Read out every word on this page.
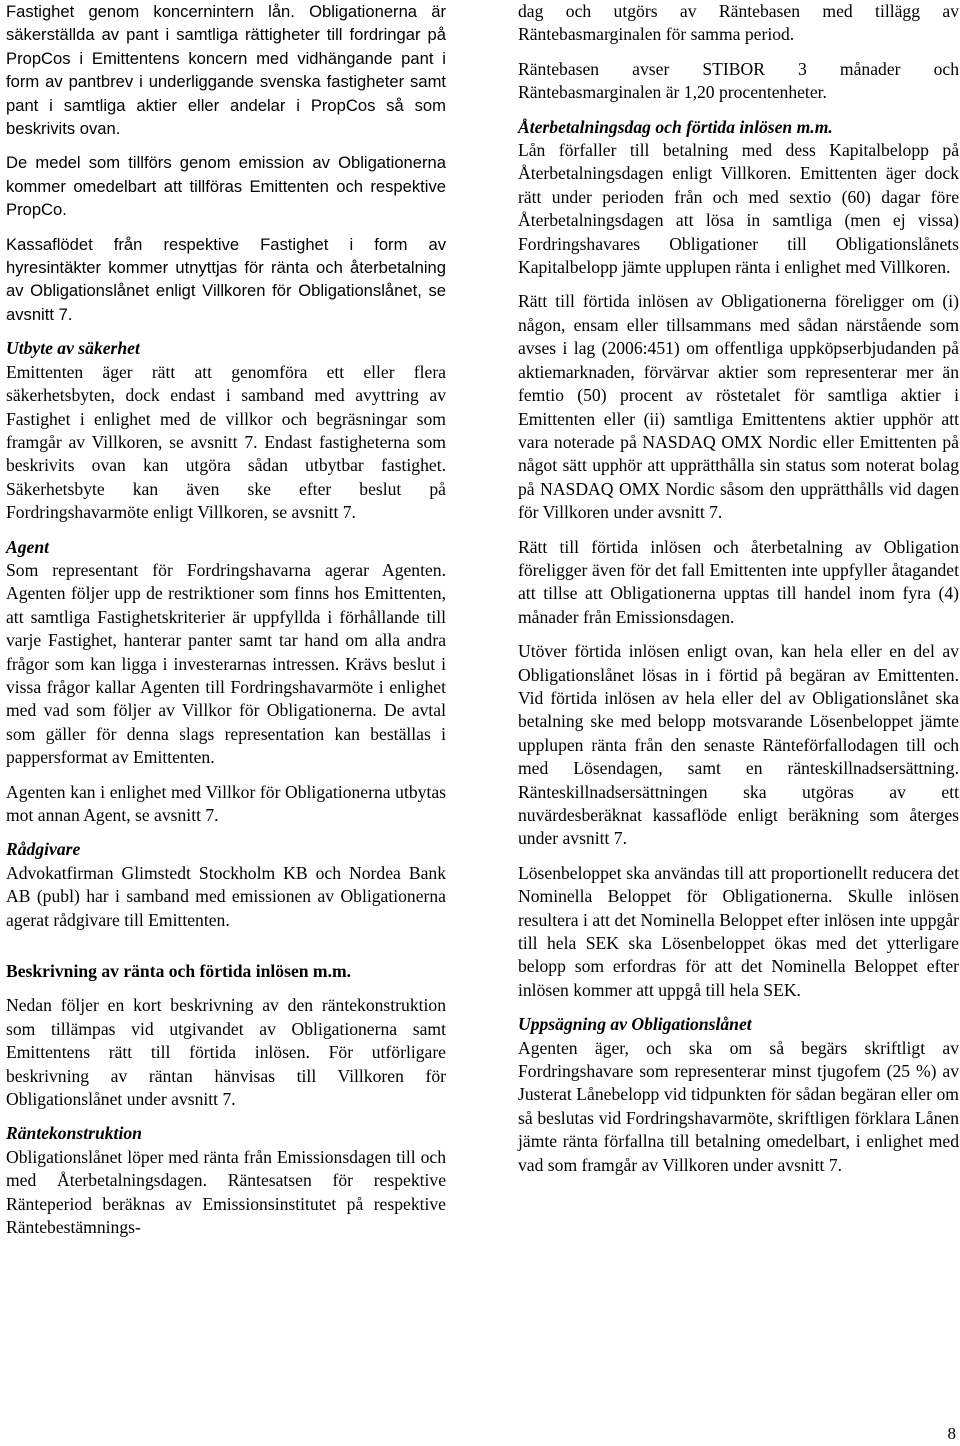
Fastighet genom koncernintern lån. Obligationerna är säkerställda av pant i samtliga rättigheter till fordringar på PropCos i Emittentens koncern med vidhängande pant i form av pantbrev i underliggande svenska fastigheter samt pant i samtliga aktier eller andelar i PropCos så som beskrivits ovan.

De medel som tillförs genom emission av Obligationerna kommer omedelbart att tillföras Emittenten och respektive PropCo.

Kassaflödet från respektive Fastighet i form av hyresintäkter kommer utnyttjas för ränta och återbetalning av Obligationslånet enligt Villkoren för Obligationslånet, se avsnitt 7.

Utbyte av säkerhet

Emittenten äger rätt att genomföra ett eller flera säkerhetsbyten, dock endast i samband med avyttring av Fastighet i enlighet med de villkor och begräsningar som framgår av Villkoren, se avsnitt 7. Endast fastigheterna som beskrivits ovan kan utgöra sådan utbytbar fastighet. Säkerhetsbyte kan även ske efter beslut på Fordringshavarmöte enligt Villkoren, se avsnitt 7.

Agent

Som representant för Fordringshavarna agerar Agenten. Agenten följer upp de restriktioner som finns hos Emittenten, att samtliga Fastighetskriterier är uppfyllda i förhållande till varje Fastighet, hanterar panter samt tar hand om alla andra frågor som kan ligga i investerarnas intressen. Krävs beslut i vissa frågor kallar Agenten till Fordringshavarmöte i enlighet med vad som följer av Villkor för Obligationerna. De avtal som gäller för denna slags representation kan beställas i pappersformat av Emittenten.

Agenten kan i enlighet med Villkor för Obligationerna utbytas mot annan Agent, se avsnitt 7.

Rådgivare

Advokatfirman Glimstedt Stockholm KB och Nordea Bank AB (publ) har i samband med emissionen av Obligationerna agerat rådgivare till Emittenten.

Beskrivning av ränta och förtida inlösen m.m.

Nedan följer en kort beskrivning av den räntekonstruktion som tillämpas vid utgivandet av Obligationerna samt Emittentens rätt till förtida inlösen. För utförligare beskrivning av räntan hänvisas till Villkoren för Obligationslånet under avsnitt 7.

Räntekonstruktion

Obligationslånet löper med ränta från Emissionsdagen till och med Återbetalningsdagen. Räntesatsen för respektive Ränteperiod beräknas av Emissionsinstitutet på respektive Räntebestämnings-

dag och utgörs av Räntebasen med tillägg av Räntebasmarginalen för samma period.

Räntebasen avser STIBOR 3 månader och Räntebasmarginalen är 1,20 procentenheter.

Återbetalningsdag och förtida inlösen m.m.

Lån förfaller till betalning med dess Kapitalbelopp på Återbetalningsdagen enligt Villkoren. Emittenten äger dock rätt under perioden från och med sextio (60) dagar före Återbetalningsdagen att lösa in samtliga (men ej vissa) Fordringshavares Obligationer till Obligationslånets Kapitalbelopp jämte upplupen ränta i enlighet med Villkoren.

Rätt till förtida inlösen av Obligationerna föreligger om (i) någon, ensam eller tillsammans med sådan närstående som avses i lag (2006:451) om offentliga uppköpserbjudanden på aktiemarknaden, förvärvar aktier som representerar mer än femtio (50) procent av röstetalet för samtliga aktier i Emittenten eller (ii) samtliga Emittentens aktier upphör att vara noterade på NASDAQ OMX Nordic eller Emittenten på något sätt upphör att upprätthålla sin status som noterat bolag på NASDAQ OMX Nordic såsom den upprätthålls vid dagen för Villkoren under avsnitt 7.

Rätt till förtida inlösen och återbetalning av Obligation föreligger även för det fall Emittenten inte uppfyller åtagandet att tillse att Obligationerna upptas till handel inom fyra (4) månader från Emissionsdagen.

Utöver förtida inlösen enligt ovan, kan hela eller en del av Obligationslånet lösas in i förtid på begäran av Emittenten. Vid förtida inlösen av hela eller del av Obligationslånet ska betalning ske med belopp motsvarande Lösenbeloppet jämte upplupen ränta från den senaste Ränteförfallodagen till och med Lösendagen, samt en ränteskillnadsersättning. Ränteskillnadsersättningen ska utgöras av ett nuvärdesberäknat kassaflöde enligt beräkning som återges under avsnitt 7.

Lösenbeloppet ska användas till att proportionellt reducera det Nominella Beloppet för Obligationerna. Skulle inlösen resultera i att det Nominella Beloppet efter inlösen inte uppgår till hela SEK ska Lösenbeloppet ökas med det ytterligare belopp som erfordras för att det Nominella Beloppet efter inlösen kommer att uppgå till hela SEK.

Uppsägning av Obligationslånet

Agenten äger, och ska om så begärs skriftligt av Fordringshavare som representerar minst tjugofem (25 %) av Justerat Lånebelopp vid tidpunkten för sådan begäran eller om så beslutas vid Fordringshavarmöte, skriftligen förklara Lånen jämte ränta förfallna till betalning omedelbart, i enlighet med vad som framgår av Villkoren under avsnitt 7.

8
